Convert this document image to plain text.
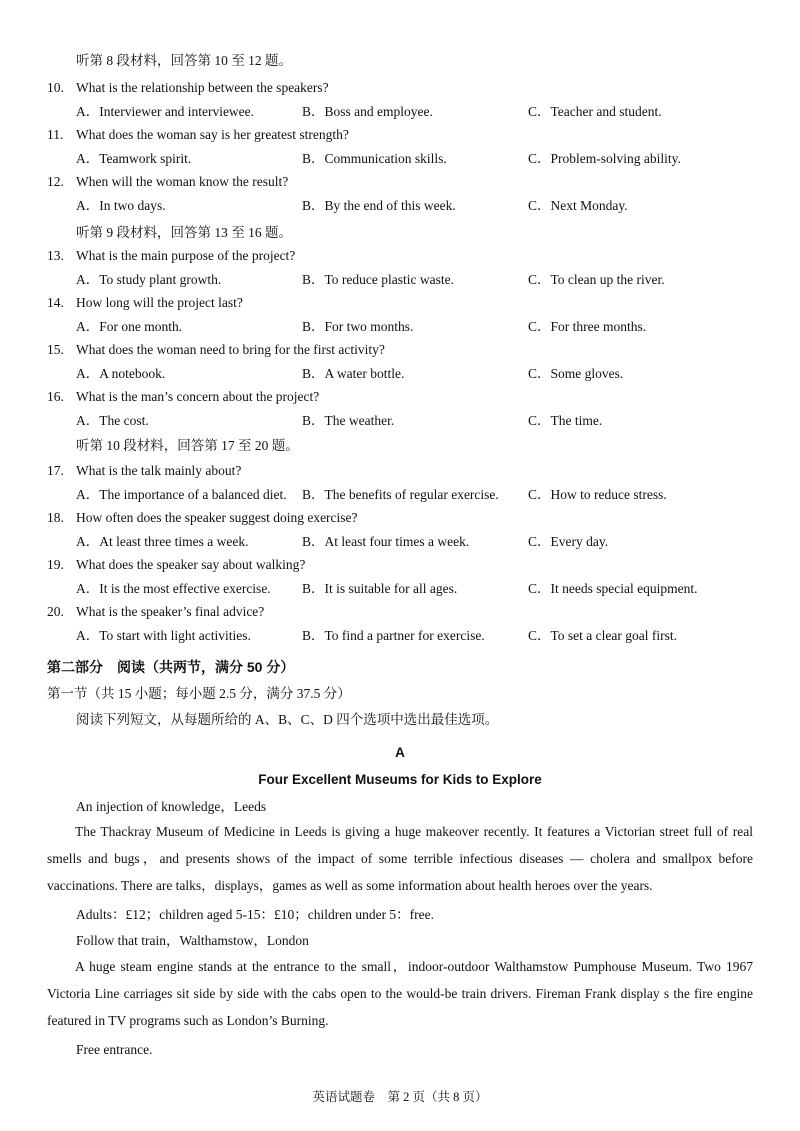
听第 8 段材料，回答第 10 至 12 题。
10. What is the relationship between the speakers?
A．Interviewer and interviewee.	B．Boss and employee.	C．Teacher and student.
11. What does the woman say is her greatest strength?
A．Teamwork spirit.	B．Communication skills.	C．Problem-solving ability.
12. When will the woman know the result?
A．In two days.	B．By the end of this week.	C．Next Monday.
听第 9 段材料，回答第 13 至 16 题。
13. What is the main purpose of the project?
A．To study plant growth.	B．To reduce plastic waste.	C．To clean up the river.
14. How long will the project last?
A．For one month.	B．For two months.	C．For three months.
15. What does the woman need to bring for the first activity?
A．A notebook.	B．A water bottle.	C．Some gloves.
16. What is the man’s concern about the project?
A．The cost.	B．The weather.	C．The time.
听第 10 段材料，回答第 17 至 20 题。
17. What is the talk mainly about?
A．The importance of a balanced diet. B．The benefits of regular exercise. C．How to reduce stress.
18. How often does the speaker suggest doing exercise?
A．At least three times a week.	B．At least four times a week.	C．Every day.
19. What does the speaker say about walking?
A．It is the most effective exercise. B．It is suitable for all ages.	C．It needs special equipment.
20. What is the speaker’s final advice?
A．To start with light activities.	B．To find a partner for exercise.	C．To set a clear goal first.
第二部分　阅读（共两节，满分 50 分）
第一节（共 15 小题；每小题 2.5 分，满分 37.5 分）
阅读下列短文，从每题所给的 A、B、C、D 四个选项中选出最佳选项。
A
Four Excellent Museums for Kids to Explore
An injection of knowledge，Leeds
The Thackray Museum of Medicine in Leeds is giving a huge makeover recently. It features a Victorian street full of real smells and bugs，and presents shows of the impact of some terrible infectious diseases — cholera and smallpox before vaccinations. There are talks，displays，games as well as some information about health heroes over the years.
Adults：£12；children aged 5-15：£10；children under 5：free.
Follow that train，Walthamstow，London
A huge steam engine stands at the entrance to the small，indoor-outdoor Walthamstow Pumphouse Museum. Two 1967 Victoria Line carriages sit side by side with the cabs open to the would-be train drivers. Fireman Frank display s the fire engine featured in TV programs such as London’s Burning.
Free entrance.
英语试题卷　第 2 页（共 8 页）
